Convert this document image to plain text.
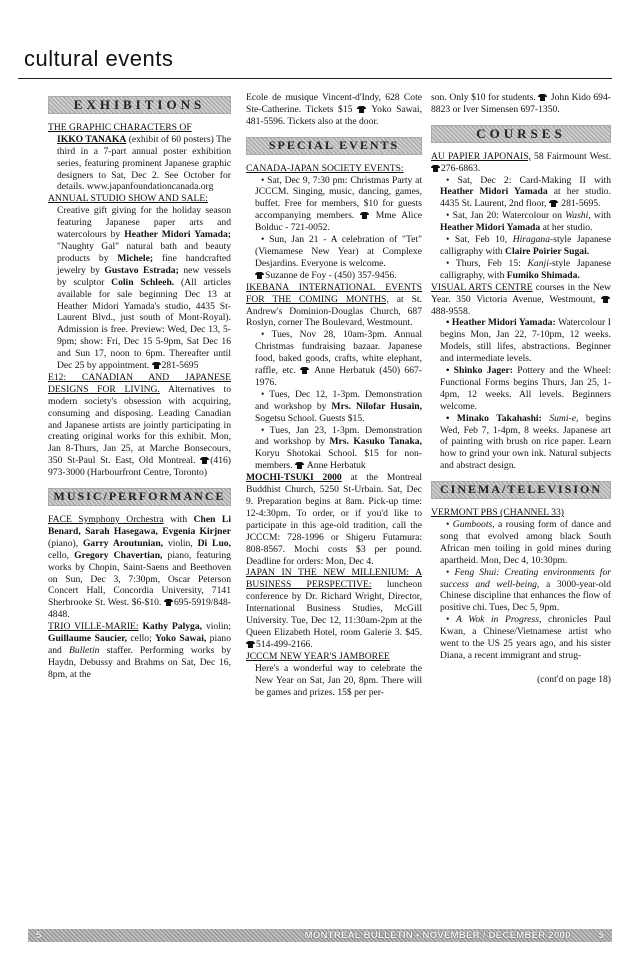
cultural events
EXHIBITIONS

THE GRAPHIC CHARACTERS OF

IKKO TANAKA (exhibit of 60 posters) The third in a 7-part annual poster exhibition series, featuring prominent Japanese graphic designers to Sat, Dec 2. See October for details. www.japanfoundationcanada.org

ANNUAL STUDIO SHOW AND SALE:

Creative gift giving for the holiday season featuring Japanese paper arts and watercolours by Heather Midori Yamada; "Naughty Gal" natural bath and beauty products by Michele; fine handcrafted jewelry by Gustavo Estrada; new vessels by sculptor Colin Schleeh. (All articles available for sale beginning Dec 13 at Heather Midori Yamada's studio, 4435 St-Laurent Blvd., just south of Mont-Royal). Admission is free. Preview: Wed, Dec 13, 5-9pm; show: Fri, Dec 15 5-9pm, Sat Dec 16 and Sun 17, noon to 6pm. Thereafter until Dec 25 by appointment. 281-5695

E12: CANADIAN AND JAPANESE DESIGNS FOR LIVING. Alternatives to modern society's obsession with acquiring, consuming and disposing. Leading Canadian and Japanese artists are jointly participating in creating original works for this exhibit. Mon, Jan 8-Thurs, Jan 25, at Marche Bonsecours, 350 St-Paul St. East, Old Montreal. (416) 973-3000 (Harbourfront Centre, Toronto)

MUSIC/PERFORMANCE

FACE Symphony Orchestra with Chen Li Benard, Sarah Hasegawa, Evgenia Kirjner (piano), Garry Aroutunian, violin, Di Luo, cello, Gregory Chavertian, piano, featuring works by Chopin, Saint-Saens and Beethoven on Sun, Dec 3, 7:30pm, Oscar Peterson Concert Hall, Concordia University, 7141 Sherbrooke St. West. $6-$10. 695-5919/848-4848.

TRIO VILLE-MARIE: Kathy Palyga, violin; Guillaume Saucier, cello; Yoko Sawai, piano and Bulletin staffer. Performing works by Haydn, Debussy and Brahms on Sat, Dec 16, 8pm, at the

Ecole de musique Vincent-d'Indy, 628 Cote Ste-Catherine. Tickets $15 Yoko Sawai, 481-5596. Tickets also at the door.

SPECIAL EVENTS

CANADA-JAPAN SOCIETY EVENTS:

• Sat, Dec 9, 7:30 pm: Christmas Party at JCCCM. Singing, music, dancing, games, buffet. Free for members, $10 for guests accompanying members. Mme Alice Bolduc - 721-0052.

• Sun, Jan 21 - A celebration of "Tet" (Viemamese New Year) at Complexe Desjardins. Everyone is welcome.

Suzanne de Foy - (450) 357-9456.

IKEBANA INTERNATIONAL EVENTS FOR THE COMING MONTHS, at St. Andrew's Dominion-Douglas Church, 687 Roslyn, corner The Boulevard, Westmount.

• Tues, Nov 28, 10am-3pm. Annual Christmas fundraising bazaar. Japanese food, baked goods, crafts, white elephant, raffle, etc. Anne Herbatuk (450) 667-1976.

• Tues, Dec 12, 1-3pm. Demonstration and workshop by Mrs. Nilofar Husain, Sogetsu School. Guests $15.

• Tues, Jan 23, 1-3pm. Demonstration and workshop by Mrs. Kasuko Tanaka, Koryu Shotokai School. $15 for non-members. Anne Herbatuk

MOCHI-TSUKI 2000 at the Montreal Buddhist Church, 5250 St-Urbain. Sat, Dec 9. Preparation begins at 8am. Pick-up time: 12-4:30pm. To order, or if you'd like to participate in this age-old tradition, call the JCCCM: 728-1996 or Shigeru Futamura: 808-8567. Mochi costs $3 per pound. Deadline for orders: Mon, Dec 4.

JAPAN IN THE NEW MILLENIUM: A BUSINESS PERSPECTIVE: luncheon conference by Dr. Richard Wright, Director, International Business Studies, McGill University. Tue, Dec 12, 11:30am-2pm at the Queen Elizabeth Hotel, room Galerie 3. $45. 514-499-2166.

JCCCM NEW YEAR'S JAMBOREE

Here's a wonderful way to celebrate the New Year on Sat, Jan 20, 8pm. There will be games and prizes. 15$ per per-

son. Only $10 for students. John Kido 694-8823 or Iver Simensen 697-1350.

COURSES

AU PAPIER JAPONAIS, 58 Fairmount West. 276-6863.

• Sat, Dec 2: Card-Making II with Heather Midori Yamada at her studio. 4435 St. Laurent, 2nd floor, 281-5695.

• Sat, Jan 20: Watercolour on Washi, with Heather Midori Yamada at her studio.

• Sat, Feb 10, Hiragana-style Japanese calligraphy with Claire Poirier Sugai.

• Thurs, Feb 15: Kanji-style Japanese calligraphy, with Fumiko Shimada.

VISUAL ARTS CENTRE courses in the New Year. 350 Victoria Avenue, Westmount,  488-9558.

• Heather Midori Yamada: Watercolour I begins Mon, Jan 22, 7-10pm, 12 weeks. Models, still lifes, abstractions. Beginner and intermediate levels.

• Shinko Jager: Pottery and the Wheel: Functional Forms begins Thurs, Jan 25, 1-4pm, 12 weeks. All levels. Beginners welcome.

• Minako Takahashi: Sumi-e, begins Wed, Feb 7, 1-4pm, 8 weeks. Japanese art of painting with brush on rice paper. Learn how to grind your own ink. Natural subjects and abstract design.

CINEMA/TELEVISION

VERMONT PBS (CHANNEL 33)

• Gumboots, a rousing form of dance and song that evolved among black South African men toiling in gold mines during apartheid. Mon, Dec 4, 10:30pm.

• Feng Shui: Creating environments for success and well-being, a 3000-year-old Chinese discipline that enhances the flow of positive chi. Tues, Dec 5, 9pm.

• A Wok in Progress, chronicles Paul Kwan, a Chinese/Vietnamese artist who went to the US 25 years ago, and his sister Diana, a recent immigrant and strug-

(cont'd on page 18)
5	MONTREAL BULLETIN • NOVEMBER / DECEMBER 2000	5
